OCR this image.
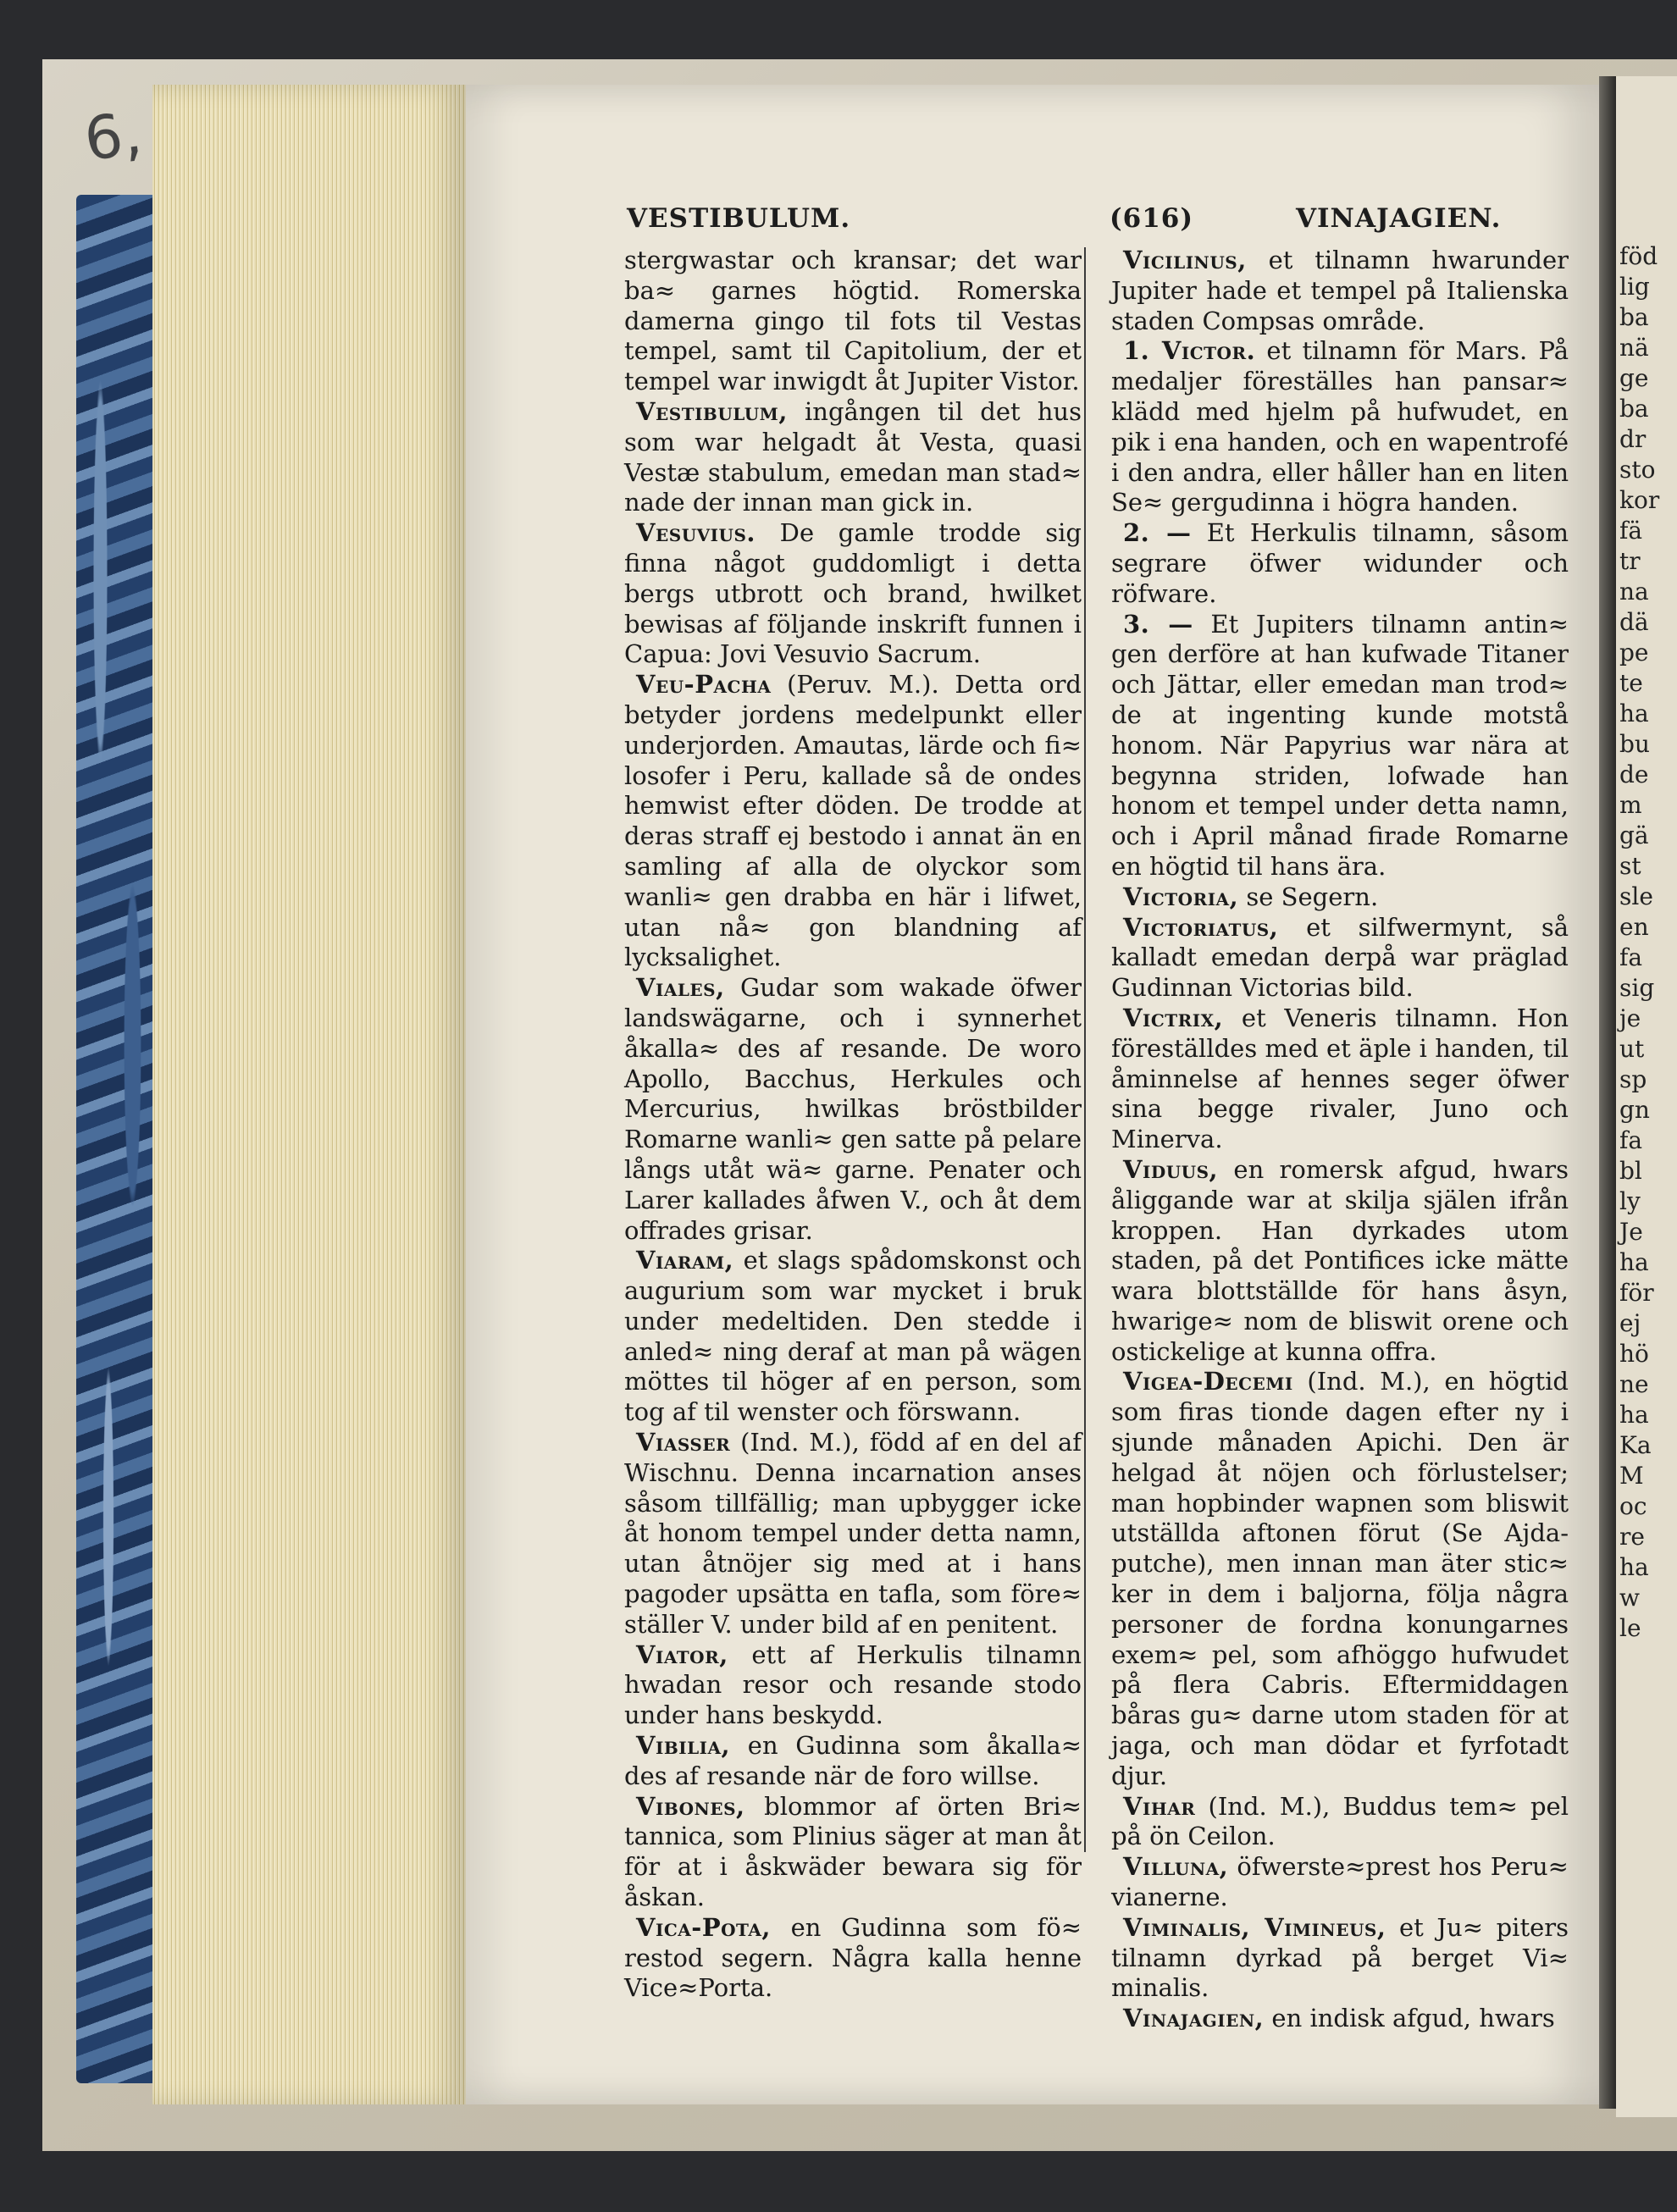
6,
VESTIBULUM.	(616)	VINAJAGIEN.

stergwastar och kransar; det war ba≈ garnes högtid. Romerska damerna gingo til fots til Vestas tempel, samt til Capitolium, der et tempel war inwigdt åt Jupiter Vistor.

Vestibulum, ingången til det hus som war helgadt åt Vesta, quasi Vestæ stabulum, emedan man stad≈ nade der innan man gick in.

Vesuvius. De gamle trodde sig finna något guddomligt i detta bergs utbrott och brand, hwilket bewisas af följande inskrift funnen i Capua: Jovi Vesuvio Sacrum.

Veu-Pacha (Peruv. M.). Detta ord betyder jordens medelpunkt eller underjorden. Amautas, lärde och fi≈ losofer i Peru, kallade så de ondes hemwist efter döden. De trodde at deras straff ej bestodo i annat än en samling af alla de olyckor som wanli≈ gen drabba en här i lifwet, utan nå≈ gon blandning af lycksalighet.

Viales, Gudar som wakade öfwer landswägarne, och i synnerhet åkalla≈ des af resande. De woro Apollo, Bacchus, Herkules och Mercurius, hwilkas bröstbilder Romarne wanli≈ gen satte på pelare långs utåt wä≈ garne. Penater och Larer kallades åfwen V., och åt dem offrades grisar.

Viaram, et slags spådomskonst och augurium som war mycket i bruk under medeltiden. Den stedde i anled≈ ning deraf at man på wägen möttes til höger af en person, som tog af til wenster och förswann.

Viasser (Ind. M.), född af en del af Wischnu. Denna incarnation anses såsom tillfällig; man upbygger icke åt honom tempel under detta namn, utan åtnöjer sig med at i hans pagoder upsätta en tafla, som före≈ ställer V. under bild af en penitent.

Viator, ett af Herkulis tilnamn hwadan resor och resande stodo under hans beskydd.

Vibilia, en Gudinna som åkalla≈ des af resande när de foro willse.

Vibones, blommor af örten Bri≈ tannica, som Plinius säger at man åt för at i åskwäder bewara sig för åskan.

Vica-Pota, en Gudinna som fö≈ restod segern. Några kalla henne Vice≈Porta.

Vicilinus, et tilnamn hwarunder Jupiter hade et tempel på Italienska staden Compsas område.

1. Victor. et tilnamn för Mars. På medaljer föreställes han pansar≈ klädd med hjelm på hufwudet, en pik i ena handen, och en wapentrofé i den andra, eller håller han en liten Se≈ gergudinna i högra handen.

2. — Et Herkulis tilnamn, såsom segrare öfwer widunder och röfware.

3. — Et Jupiters tilnamn antin≈ gen derföre at han kufwade Titaner och Jättar, eller emedan man trod≈ de at ingenting kunde motstå honom. När Papyrius war nära at begynna striden, lofwade han honom et tempel under detta namn, och i April månad firade Romarne en högtid til hans ära.

Victoria, se Segern.

Victoriatus, et silfwermynt, så kalladt emedan derpå war präglad Gudinnan Victorias bild.

Victrix, et Veneris tilnamn. Hon föreställdes med et äple i handen, til åminnelse af hennes seger öfwer sina begge rivaler, Juno och Minerva.

Viduus, en romersk afgud, hwars åliggande war at skilja själen ifrån kroppen. Han dyrkades utom staden, på det Pontifices icke mätte wara blottställde för hans åsyn, hwarige≈ nom de bliswit orene och ostickelige at kunna offra.

Vigea-Decemi (Ind. M.), en högtid som firas tionde dagen efter ny i sjunde månaden Apichi. Den är helgad åt nöjen och förlustelser; man hopbinder wapnen som bliswit utställda aftonen förut (Se Ajda-putche), men innan man äter stic≈ ker in dem i baljorna, följa några personer de fordna konungarnes exem≈ pel, som afhöggo hufwudet på flera Cabris. Eftermiddagen båras gu≈ darne utom staden för at jaga, och man dödar et fyrfotadt djur.

Vihar (Ind. M.), Buddus tem≈ pel på ön Ceilon.

Villuna, öfwerste≈prest hos Peru≈ vianerne.

Viminalis, Vimineus, et Ju≈ piters tilnamn dyrkad på berget Vi≈ minalis.

Vinajagien, en indisk afgud, hwars

föd
lig
ba
nä
ge
ba
dr
sto
kor
fä
tr
na
dä
pe
te
ha
bu
de
m
gä
st
sle
en
fa
sig
je
ut
sp
gn
fa
bl
ly
Je
ha
för
ej
hö
ne
ha
Ka
M
oc
re
ha
w
le
